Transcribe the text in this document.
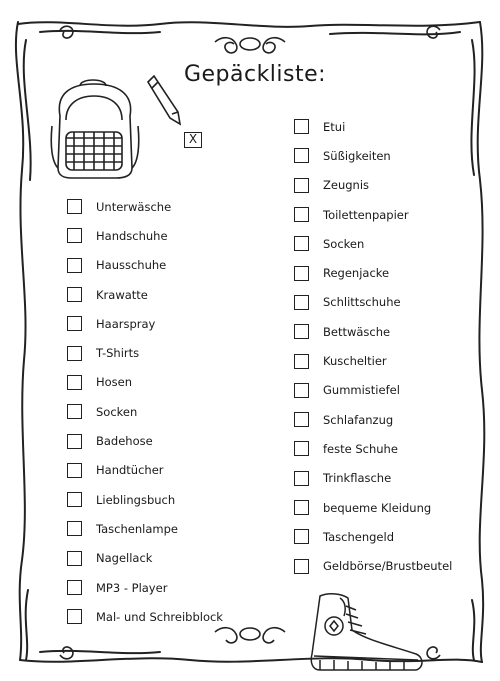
Gepäckliste:
X
Unterwäsche
Handschuhe
Hausschuhe
Krawatte
Haarspray
T-Shirts
Hosen
Socken
Badehose
Handtücher
Lieblingsbuch
Taschenlampe
Nagellack
MP3 - Player
Mal- und Schreibblock
Etui
Süßigkeiten
Zeugnis
Toilettenpapier
Socken
Regenjacke
Schlittschuhe
Bettwäsche
Kuscheltier
Gummistiefel
Schlafanzug
feste Schuhe
Trinkflasche
bequeme Kleidung
Taschengeld
Geldbörse/Brustbeutel
